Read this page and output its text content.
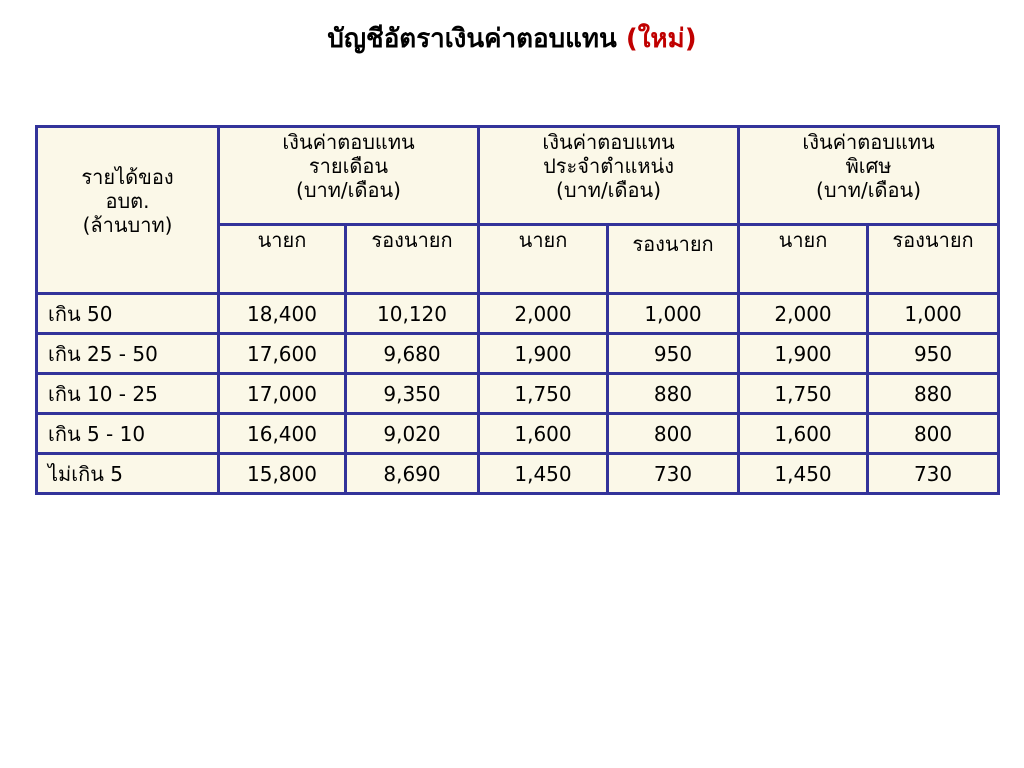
บัญชีอัตราเงินค่าตอบแทน (ใหม่)
รายได้ของ
อบต.
(ล้านบาท)	เงินค่าตอบแทน
รายเดือน
(บาท/เดือน)		เงินค่าตอบแทน
ประจำตำแหน่ง
(บาท/เดือน)		เงินค่าตอบแทน
พิเศษ
(บาท/เดือน)	

	นายก	รองนายก	นายก	รองนายก	นายก	รองนายก
เกิน 50	18,400	10,120	2,000	1,000	2,000	1,000
เกิน 25 - 50	17,600	9,680	1,900	950	1,900	950
เกิน 10 - 25	17,000	9,350	1,750	880	1,750	880
เกิน 5 - 10	16,400	9,020	1,600	800	1,600	800
ไม่เกิน 5	15,800	8,690	1,450	730	1,450	730
